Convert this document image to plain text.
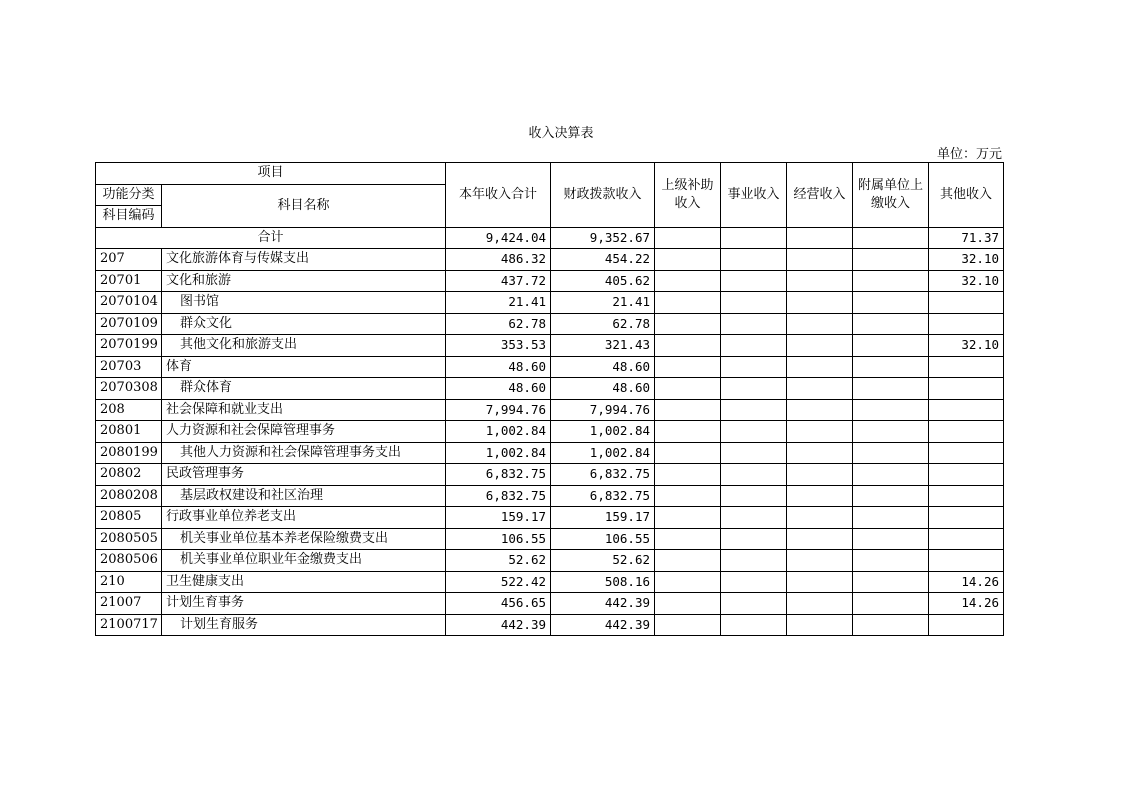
收入决算表
单位：万元
项目		本年收入合计	财政拨款收入	上级补助收入	事业收入	经营收入	附属单位上缴收入	其他收入
功能分类	科目名称							
科目编码								
合计		9,424.04	9,352.67					71.37
207	文化旅游体育与传媒支出	486.32	454.22					32.10
20701	文化和旅游	437.72	405.62					32.10
2070104	图书馆	21.41	21.41					
2070109	群众文化	62.78	62.78					
2070199	其他文化和旅游支出	353.53	321.43					32.10
20703	体育	48.60	48.60					
2070308	群众体育	48.60	48.60					
208	社会保障和就业支出	7,994.76	7,994.76					
20801	人力资源和社会保障管理事务	1,002.84	1,002.84					
2080199	其他人力资源和社会保障管理事务支出	1,002.84	1,002.84					
20802	民政管理事务	6,832.75	6,832.75					
2080208	基层政权建设和社区治理	6,832.75	6,832.75					
20805	行政事业单位养老支出	159.17	159.17					
2080505	机关事业单位基本养老保险缴费支出	106.55	106.55					
2080506	机关事业单位职业年金缴费支出	52.62	52.62					
210	卫生健康支出	522.42	508.16					14.26
21007	计划生育事务	456.65	442.39					14.26
2100717	计划生育服务	442.39	442.39					
